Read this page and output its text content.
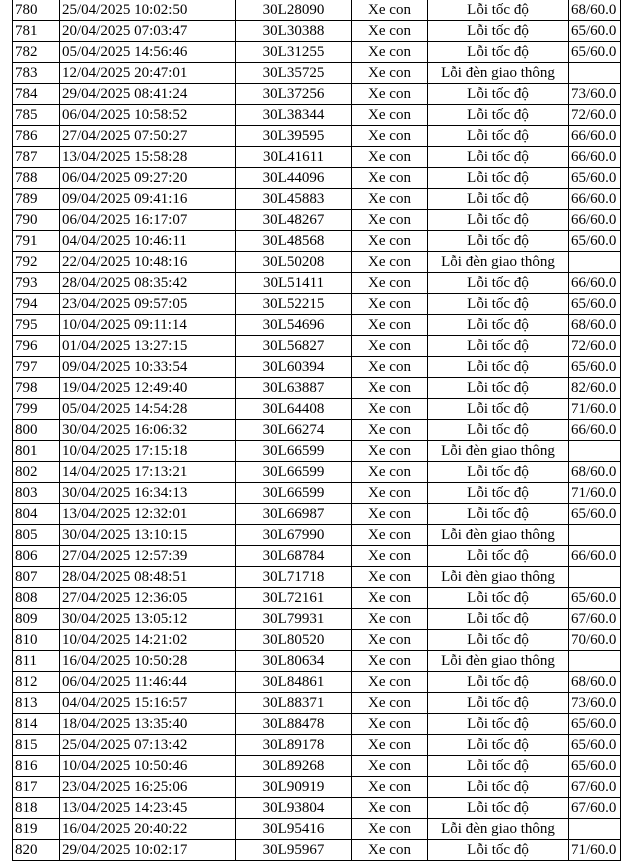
780	25/04/2025 10:02:50	30L28090	Xe con	Lỗi tốc độ	68/60.0
781	20/04/2025 07:03:47	30L30388	Xe con	Lỗi tốc độ	65/60.0
782	05/04/2025 14:56:46	30L31255	Xe con	Lỗi tốc độ	65/60.0
783	12/04/2025 20:47:01	30L35725	Xe con	Lỗi đèn giao thông	
784	29/04/2025 08:41:24	30L37256	Xe con	Lỗi tốc độ	73/60.0
785	06/04/2025 10:58:52	30L38344	Xe con	Lỗi tốc độ	72/60.0
786	27/04/2025 07:50:27	30L39595	Xe con	Lỗi tốc độ	66/60.0
787	13/04/2025 15:58:28	30L41611	Xe con	Lỗi tốc độ	66/60.0
788	06/04/2025 09:27:20	30L44096	Xe con	Lỗi tốc độ	65/60.0
789	09/04/2025 09:41:16	30L45883	Xe con	Lỗi tốc độ	66/60.0
790	06/04/2025 16:17:07	30L48267	Xe con	Lỗi tốc độ	66/60.0
791	04/04/2025 10:46:11	30L48568	Xe con	Lỗi tốc độ	65/60.0
792	22/04/2025 10:48:16	30L50208	Xe con	Lỗi đèn giao thông	
793	28/04/2025 08:35:42	30L51411	Xe con	Lỗi tốc độ	66/60.0
794	23/04/2025 09:57:05	30L52215	Xe con	Lỗi tốc độ	65/60.0
795	10/04/2025 09:11:14	30L54696	Xe con	Lỗi tốc độ	68/60.0
796	01/04/2025 13:27:15	30L56827	Xe con	Lỗi tốc độ	72/60.0
797	09/04/2025 10:33:54	30L60394	Xe con	Lỗi tốc độ	65/60.0
798	19/04/2025 12:49:40	30L63887	Xe con	Lỗi tốc độ	82/60.0
799	05/04/2025 14:54:28	30L64408	Xe con	Lỗi tốc độ	71/60.0
800	30/04/2025 16:06:32	30L66274	Xe con	Lỗi tốc độ	66/60.0
801	10/04/2025 17:15:18	30L66599	Xe con	Lỗi đèn giao thông	
802	14/04/2025 17:13:21	30L66599	Xe con	Lỗi tốc độ	68/60.0
803	30/04/2025 16:34:13	30L66599	Xe con	Lỗi tốc độ	71/60.0
804	13/04/2025 12:32:01	30L66987	Xe con	Lỗi tốc độ	65/60.0
805	30/04/2025 13:10:15	30L67990	Xe con	Lỗi đèn giao thông	
806	27/04/2025 12:57:39	30L68784	Xe con	Lỗi tốc độ	66/60.0
807	28/04/2025 08:48:51	30L71718	Xe con	Lỗi đèn giao thông	
808	27/04/2025 12:36:05	30L72161	Xe con	Lỗi tốc độ	65/60.0
809	30/04/2025 13:05:12	30L79931	Xe con	Lỗi tốc độ	67/60.0
810	10/04/2025 14:21:02	30L80520	Xe con	Lỗi tốc độ	70/60.0
811	16/04/2025 10:50:28	30L80634	Xe con	Lỗi đèn giao thông	
812	06/04/2025 11:46:44	30L84861	Xe con	Lỗi tốc độ	68/60.0
813	04/04/2025 15:16:57	30L88371	Xe con	Lỗi tốc độ	73/60.0
814	18/04/2025 13:35:40	30L88478	Xe con	Lỗi tốc độ	65/60.0
815	25/04/2025 07:13:42	30L89178	Xe con	Lỗi tốc độ	65/60.0
816	10/04/2025 10:50:46	30L89268	Xe con	Lỗi tốc độ	65/60.0
817	23/04/2025 16:25:06	30L90919	Xe con	Lỗi tốc độ	67/60.0
818	13/04/2025 14:23:45	30L93804	Xe con	Lỗi tốc độ	67/60.0
819	16/04/2025 20:40:22	30L95416	Xe con	Lỗi đèn giao thông	
820	29/04/2025 10:02:17	30L95967	Xe con	Lỗi tốc độ	71/60.0
